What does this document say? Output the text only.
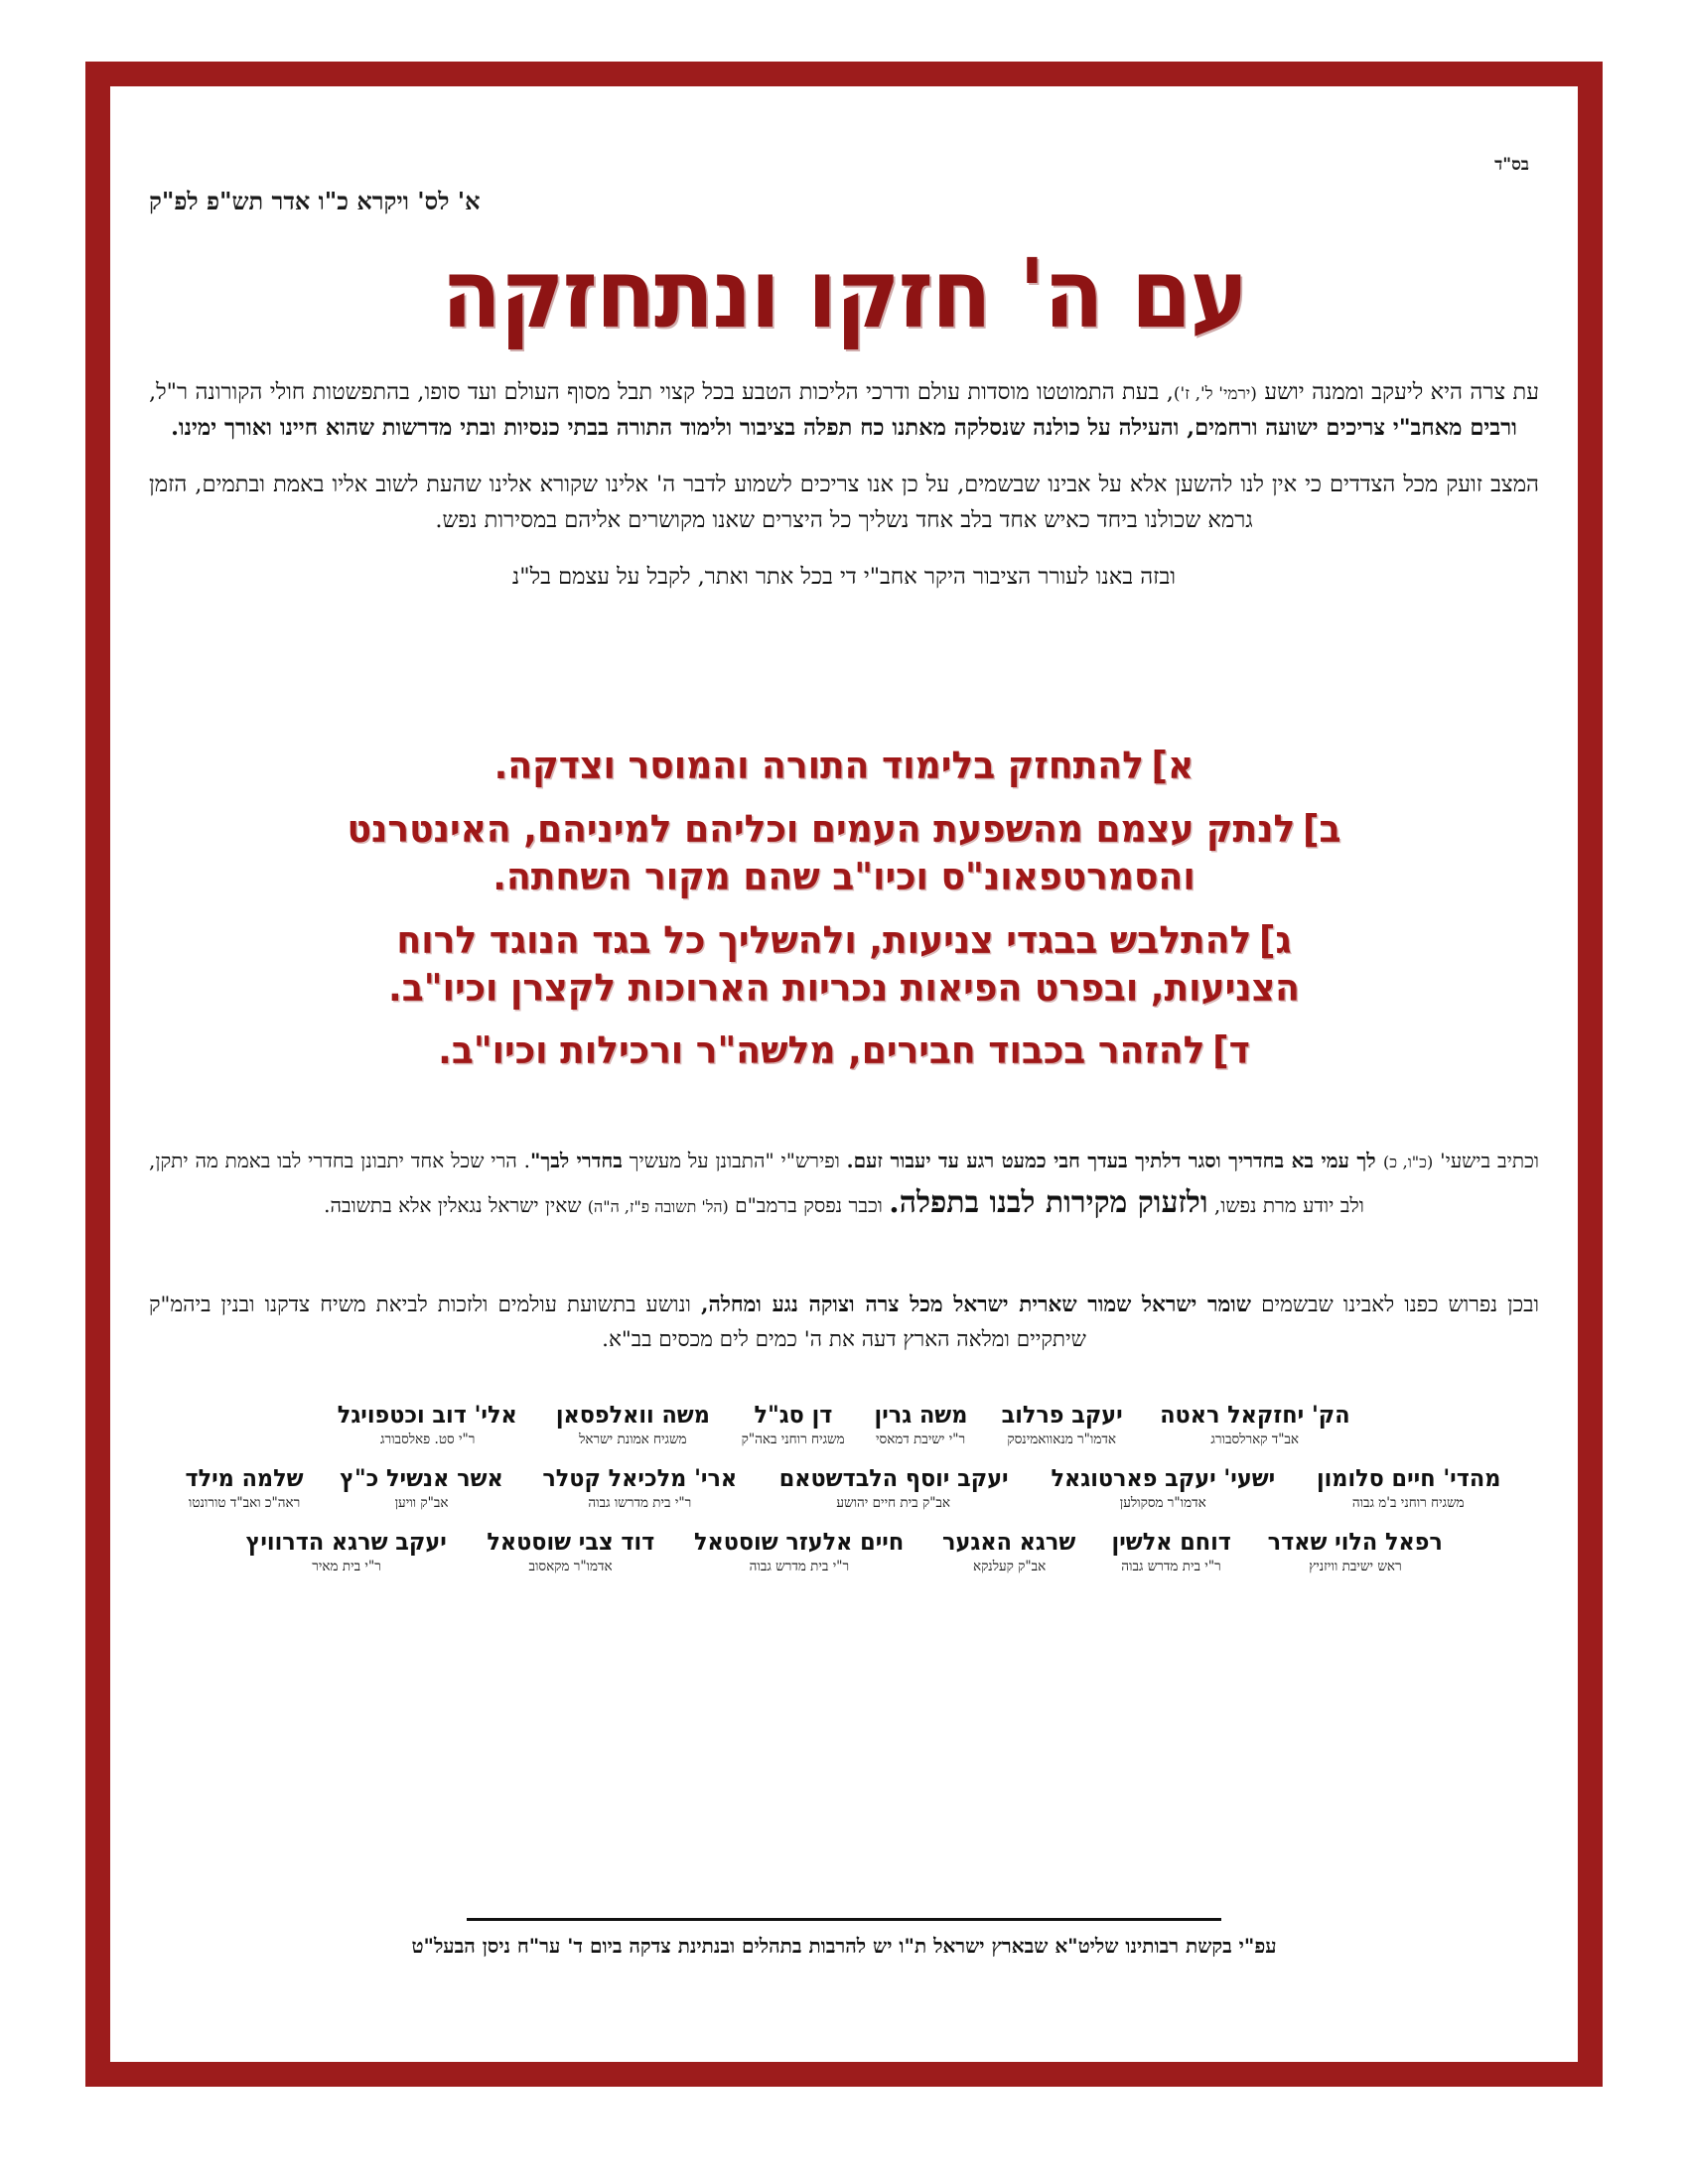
בס"ד
א' לס' ויקרא כ"ו אדר תש"פ לפ"ק
עם ה' חזקו ונתחזקה

עת צרה היא ליעקב וממנה יושע (ירמי' ל', ז'), בעת התמוטטו מוסדות עולם ודרכי הליכות הטבע בכל קצוי תבל מסוף העולם ועד סופו, בהתפשטות חולי הקורונה ר"ל, ורבים מאחב"י צריכים ישועה ורחמים, והעילה על כולנה שנסלקה מאתנו כח תפלה בציבור ולימוד התורה בבתי כנסיות ובתי מדרשות שהוא חיינו ואורך ימינו.

המצב זועק מכל הצדדים כי אין לנו להשען אלא על אבינו שבשמים, על כן אנו צריכים לשמוע לדבר ה' אלינו שקורא אלינו שהעת לשוב אליו באמת ובתמים, הזמן גרמא שכולנו ביחד כאיש אחד בלב אחד נשליך כל היצרים שאנו מקושרים אליהם במסירות נפש.

ובזה באנו לעורר הציבור היקר אחב"י די בכל אתר ואתר, לקבל על עצמם בל"נ

א]להתחזק בלימוד התורה והמוסר וצדקה.
ב]לנתק עצמם מהשפעת העמים וכליהם למיניהם, האינטרנט
והסמרטפאונ"ס וכיו"ב שהם מקור השחתה.
ג]להתלבש בבגדי צניעות, ולהשליך כל בגד הנוגד לרוח
הצניעות, ובפרט הפיאות נכריות הארוכות לקצרן וכיו"ב.
ד]להזהר בכבוד חבירים, מלשה"ר ורכילות וכיו"ב.

וכתיב בישעי' (כ"ו, כ) לך עמי בא בחדריך וסגר דלתיך בעדך חבי כמעט רגע עד יעבור זעם. ופירש"י "התבונן על מעשיך בחדרי לבך". הרי שכל אחד יתבונן בחדרי לבו באמת מה יתקן, ולב יודע מרת נפשו, ולזעוק מקירות לבנו בתפלה. וכבר נפסק ברמב"ם (הל' תשובה פ"ז, ה"ה) שאין ישראל נגאלין אלא בתשובה.

ובכן נפרוש כפנו לאבינו שבשמים שומר ישראל שמור שארית ישראל מכל צרה וצוקה נגע ומחלה, ונושע בתשועת עולמים ולזכות לביאת משיח צדקנו ובנין ביהמ"ק שיתקיים ומלאה הארץ דעה את ה' כמים לים מכסים בב"א.

הק' יחזקאל ראטה
אב"ד קארלסבורג
יעקב פרלוב
אדמו"ר מנאוואמינסק
משה גרין
ר"י ישיבת דמאסי
דן סג"ל
משגיח רוחני באה"ק
משה וואלפסאן
משגיח אמונת ישראל
אלי' דוב וכטפויגל
ר"י סט. פאלסבורג
מהדי' חיים סלומון
משגיח רוחני ב'מ גבוה
ישעי' יעקב פארטוגאל
אדמו"ר מסקולען
יעקב יוסף הלבדשטאם
אב"ק בית חיים יהושע
ארי' מלכיאל קטלר
ר"י בית מדרשו גבוה
אשר אנשיל כ"ץ
אב"ק וויען
שלמה מילד
ראה"כ ואב"ד טורונטו
רפאל הלוי שאדר
ראש ישיבת וויזניץ
דוחם אלשין
ר"י בית מדרש גבוה
שרגא האגער
אב"ק קעלנקא
חיים אלעזר שוסטאל
ר"י בית מדרש גבוה
דוד צבי שוסטאל
אדמו"ר מקאסוב
יעקב שרגא הדרוויץ
ר"י בית מאיר
עפ"י בקשת רבותינו שליט"א שבארץ ישראל ת"ו יש להרבות בתהלים ובנתינת צדקה ביום ד' ער"ח ניסן הבעל"ט
